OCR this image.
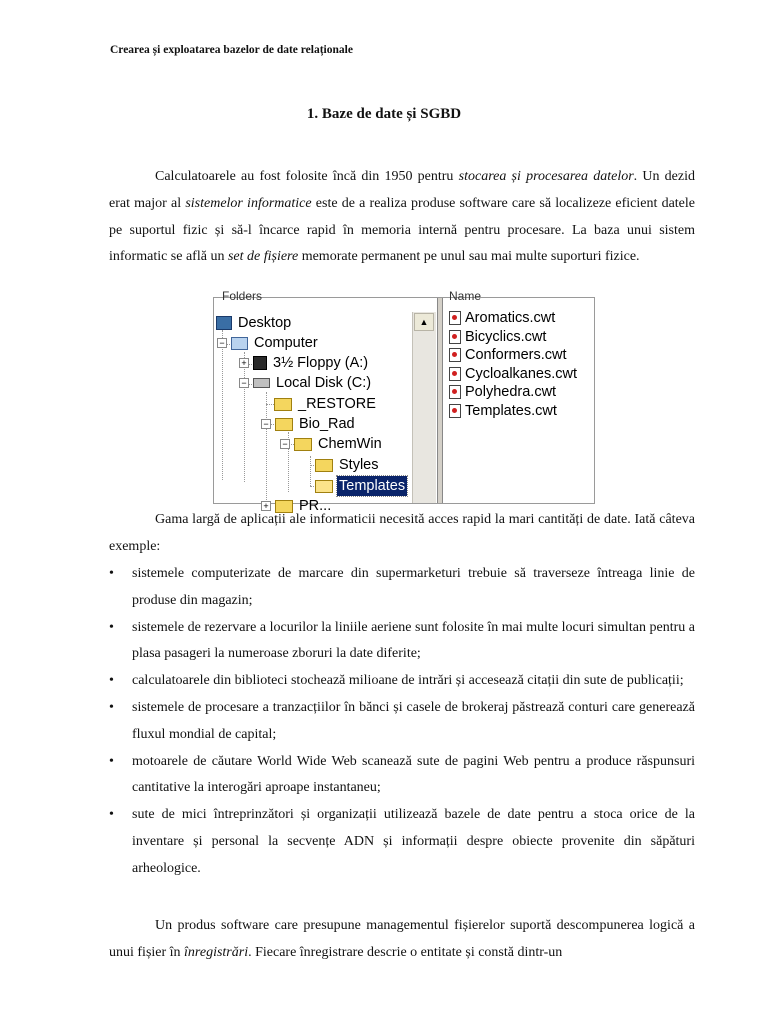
Crearea și exploatarea bazelor de date relaționale
1. Baze de date și SGBD
Calculatoarele au fost folosite încă din 1950 pentru stocarea și procesarea datelor. Un dezid erat major al sistemelor informatice este de a realiza produse software care să localizeze eficient datele pe suportul fizic și să-l încarce rapid în memoria internă pentru procesare. La baza unui sistem informatic se află un set de fișiere memorate permanent pe unul sau mai multe suporturi fizice.
Folders
Desktop
− Computer
+ 3½ Floppy (A:)
− Local Disk (C:)
_RESTORE
− Bio_Rad
− ChemWin
Styles
Templates
+ PR...
▲
Name
Aromatics.cwt
Bicyclics.cwt
Conformers.cwt
Cycloalkanes.cwt
Polyhedra.cwt
Templates.cwt
Gama largă de aplicații ale informaticii necesită acces rapid la mari cantități de date. Iată câteva exemple:
• sistemele computerizate de marcare din supermarketuri trebuie să traverseze întreaga linie de produse din magazin;
• sistemele de rezervare a locurilor la liniile aeriene sunt folosite în mai multe locuri simultan pentru a plasa pasageri la numeroase zboruri la date diferite;
• calculatoarele din biblioteci stochează milioane de intrări și accesează citații din sute de publicații;
• sistemele de procesare a tranzacțiilor în bănci și casele de brokeraj păstrează conturi care generează fluxul mondial de capital;
• motoarele de căutare World Wide Web scanează sute de pagini Web pentru a produce răspunsuri cantitative la interogări aproape instantaneu;
• sute de mici întreprinzători și organizații utilizează bazele de date pentru a stoca orice de la inventare și personal la secvențe ADN și informații despre obiecte provenite din săpături arheologice.
Un produs software care presupune managementul fișierelor suportă descompunerea logică a unui fișier în înregistrări. Fiecare înregistrare descrie o entitate și constă dintr-un
